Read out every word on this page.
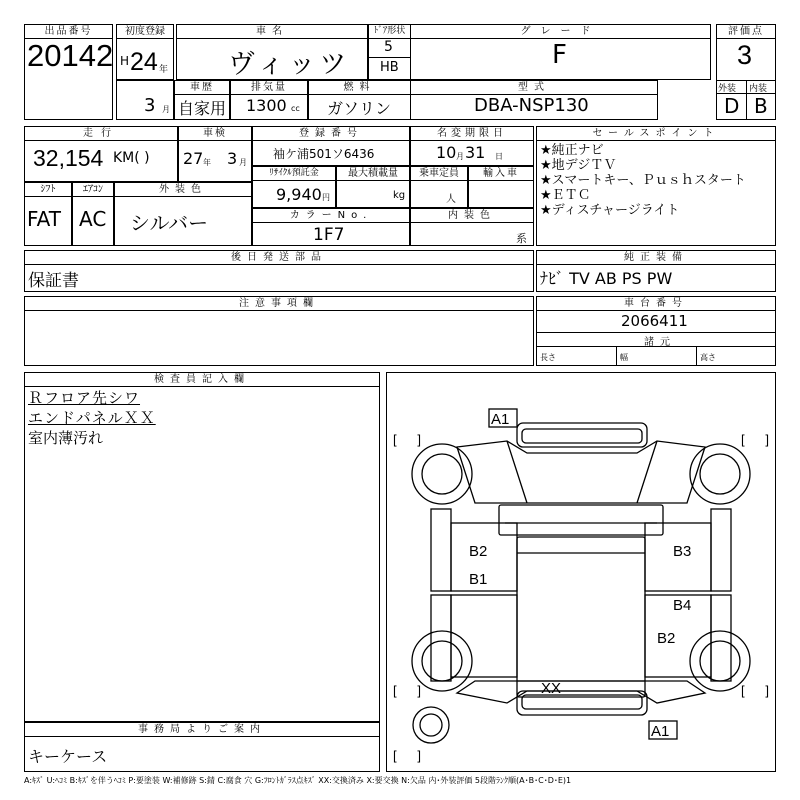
出品番号
20142
初度登録
H 24 年
車名
ヴィッツ
ﾄﾞｱ形状
5
HB
グレード
F
評価点
3
外装 内装
D B
3 月
車歴
自家用
排気量
1300 cc
燃料
ガソリン
型式
DBA-NSP130
走行
32,154 KM( )
車検
27 年 3 月
登録番号
袖ケ浦501ソ6436
名変期限日
10 月 31 日
セールスポイント
★純正ナビ
★地デジＴＶ
★スマートキー、Ｐｕｓｈスタート
★ＥＴＣ
★ディスチャージライト
ｼﾌﾄ
FAT
ｴｱｺﾝ
AC
外装色
シルバー
ﾘｻｲｸﾙ預託金
9,940 円
最大積載量
kg
乗車定員
人
輸入車
カラーNo.
1F7
内装色
系
後日発送部品
保証書
純正装備
ﾅﾋﾞ TV AB PS PW
注意事項欄	車台番号
2066411
諸元
長さ	幅	高さ
検査員記入欄
Ｒフロア先シワ
エンドパネルＸＸ
室内薄汚れ
事務局よりご案内
キーケース
[ ]	[ ]
[ ]	[ ]
[ ]
A1
B2	B3
B1
B4
B2
XX
A1
A:ｷｽﾞ U:ﾍｺﾐ B:ｷｽﾞを伴うﾍｺﾐ P:要塗装 W:補修跡 S:錆 C:腐食 穴 G:ﾌﾛﾝﾄｶﾞﾗｽ点ｷｽﾞ XX:交換済み X:要交換 N:欠品 内･外装評価 5段階ﾗﾝｸ順(A･B･C･D･E)1
